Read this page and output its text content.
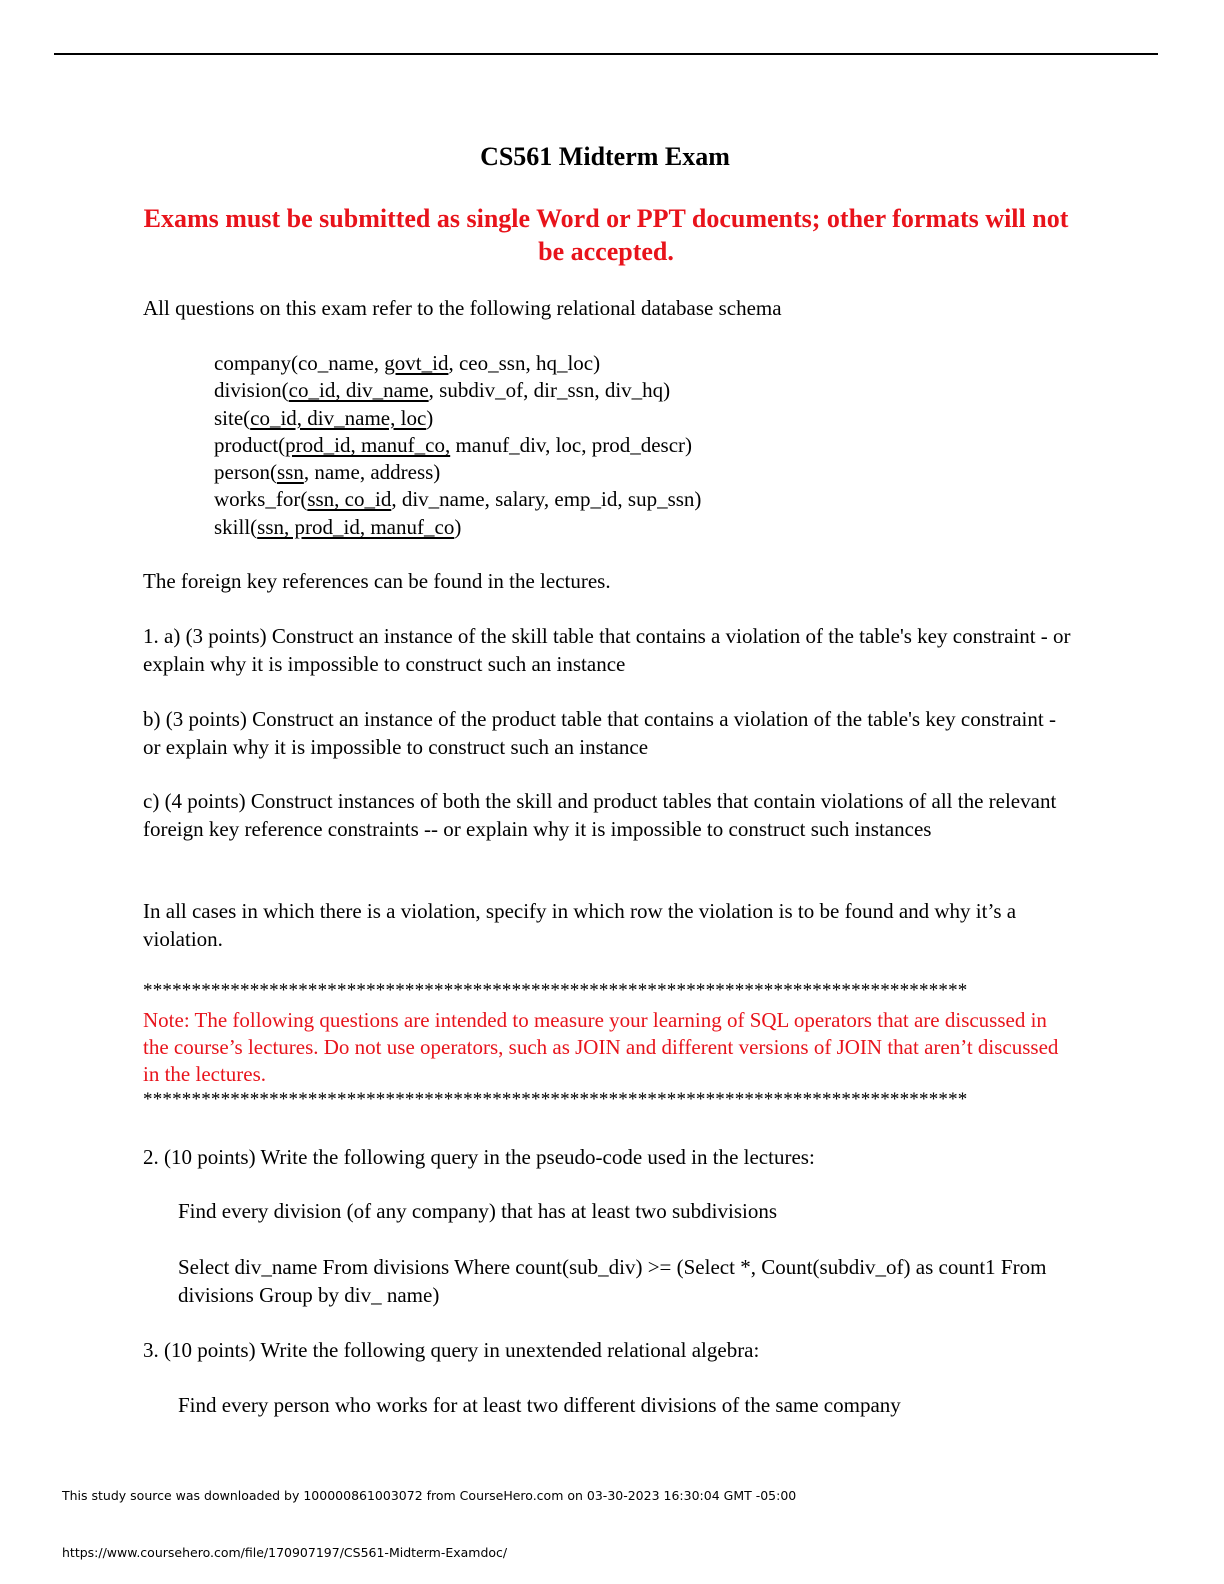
CS561 Midterm Exam
Exams must be submitted as single Word or PPT documents; other formats will not be accepted.
All questions on this exam refer to the following relational database schema
company(co_name, govt_id, ceo_ssn, hq_loc)
division(co_id, div_name, subdiv_of, dir_ssn, div_hq)
site(co_id, div_name, loc)
product(prod_id, manuf_co, manuf_div, loc, prod_descr)
person(ssn, name, address)
works_for(ssn, co_id, div_name, salary, emp_id, sup_ssn)
skill(ssn, prod_id, manuf_co)
The foreign key references can be found in the lectures.
1. a) (3 points) Construct an instance of the skill table that contains a violation of the table's key constraint - or explain why it is impossible to construct such an instance
b) (3 points) Construct an instance of the product table that contains a violation of the table's key constraint - or explain why it is impossible to construct such an instance
c) (4 points) Construct instances of both the skill and product tables that contain violations of all the relevant foreign key reference constraints -- or explain why it is impossible to construct such instances
In all cases in which there is a violation, specify in which row the violation is to be found and why it’s a violation.
*************************************************************************************
Note: The following questions are intended to measure your learning of SQL operators that are discussed in the course’s lectures. Do not use operators, such as JOIN and different versions of JOIN that aren’t discussed in the lectures.
*************************************************************************************
2. (10 points) Write the following query in the pseudo-code used in the lectures:
Find every division (of any company) that has at least two subdivisions
Select div_name From divisions Where count(sub_div) >= (Select *, Count(subdiv_of) as count1 From divisions Group by div_ name)
3. (10 points) Write the following query in unextended relational algebra:
Find every person who works for at least two different divisions of the same company
This study source was downloaded by 100000861003072 from CourseHero.com on 03-30-2023 16:30:04 GMT -05:00
https://www.coursehero.com/file/170907197/CS561-Midterm-Examdoc/
